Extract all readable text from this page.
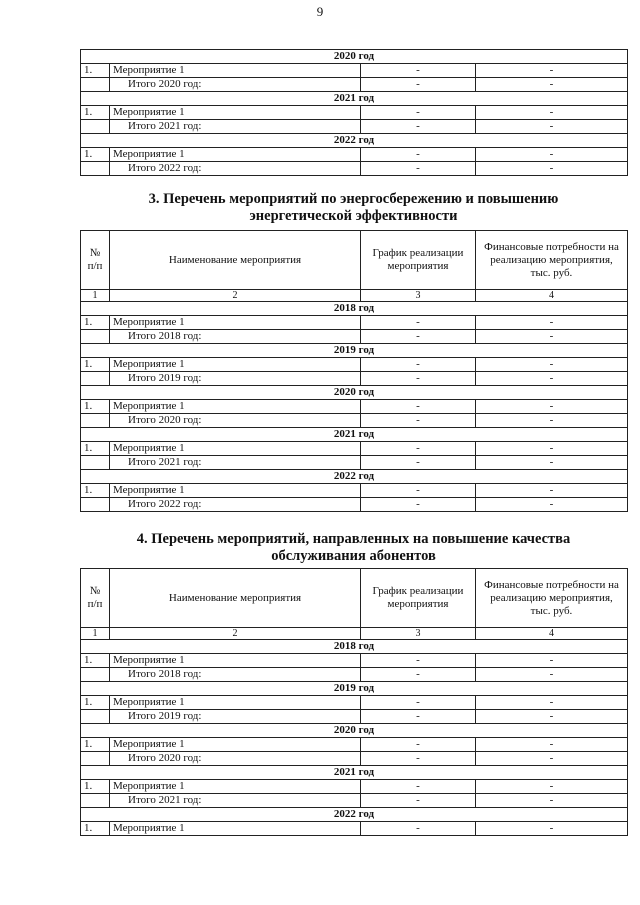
9
2020 год			
1.	Мероприятие 1	-	-
	Итого 2020 год:	-	-
2021 год			
1.	Мероприятие 1	-	-
	Итого 2021 год:	-	-
2022 год			
1.	Мероприятие 1	-	-
	Итого 2022 год:	-	-
3. Перечень мероприятий по энергосбережению и повышению
энергетической эффективности
№ п/п	Наименование мероприятия	График реализации мероприятия	Финансовые потребности на реализацию мероприятия, тыс. руб.
1	2	3	4
2018 год			
1.	Мероприятие 1	-	-
	Итого 2018 год:	-	-
2019 год			
1.	Мероприятие 1	-	-
	Итого 2019 год:	-	-
2020 год			
1.	Мероприятие 1	-	-
	Итого 2020 год:	-	-
2021 год			
1.	Мероприятие 1	-	-
	Итого 2021 год:	-	-
2022 год			
1.	Мероприятие 1	-	-
	Итого 2022 год:	-	-
4. Перечень мероприятий, направленных на повышение качества
обслуживания абонентов
№ п/п	Наименование мероприятия	График реализации мероприятия	Финансовые потребности на реализацию мероприятия, тыс. руб.
1	2	3	4
2018 год			
1.	Мероприятие 1	-	-
	Итого 2018 год:	-	-
2019 год			
1.	Мероприятие 1	-	-
	Итого 2019 год:	-	-
2020 год			
1.	Мероприятие 1	-	-
	Итого 2020 год:	-	-
2021 год			
1.	Мероприятие 1	-	-
	Итого 2021 год:	-	-
2022 год			
1.	Мероприятие 1	-	-
